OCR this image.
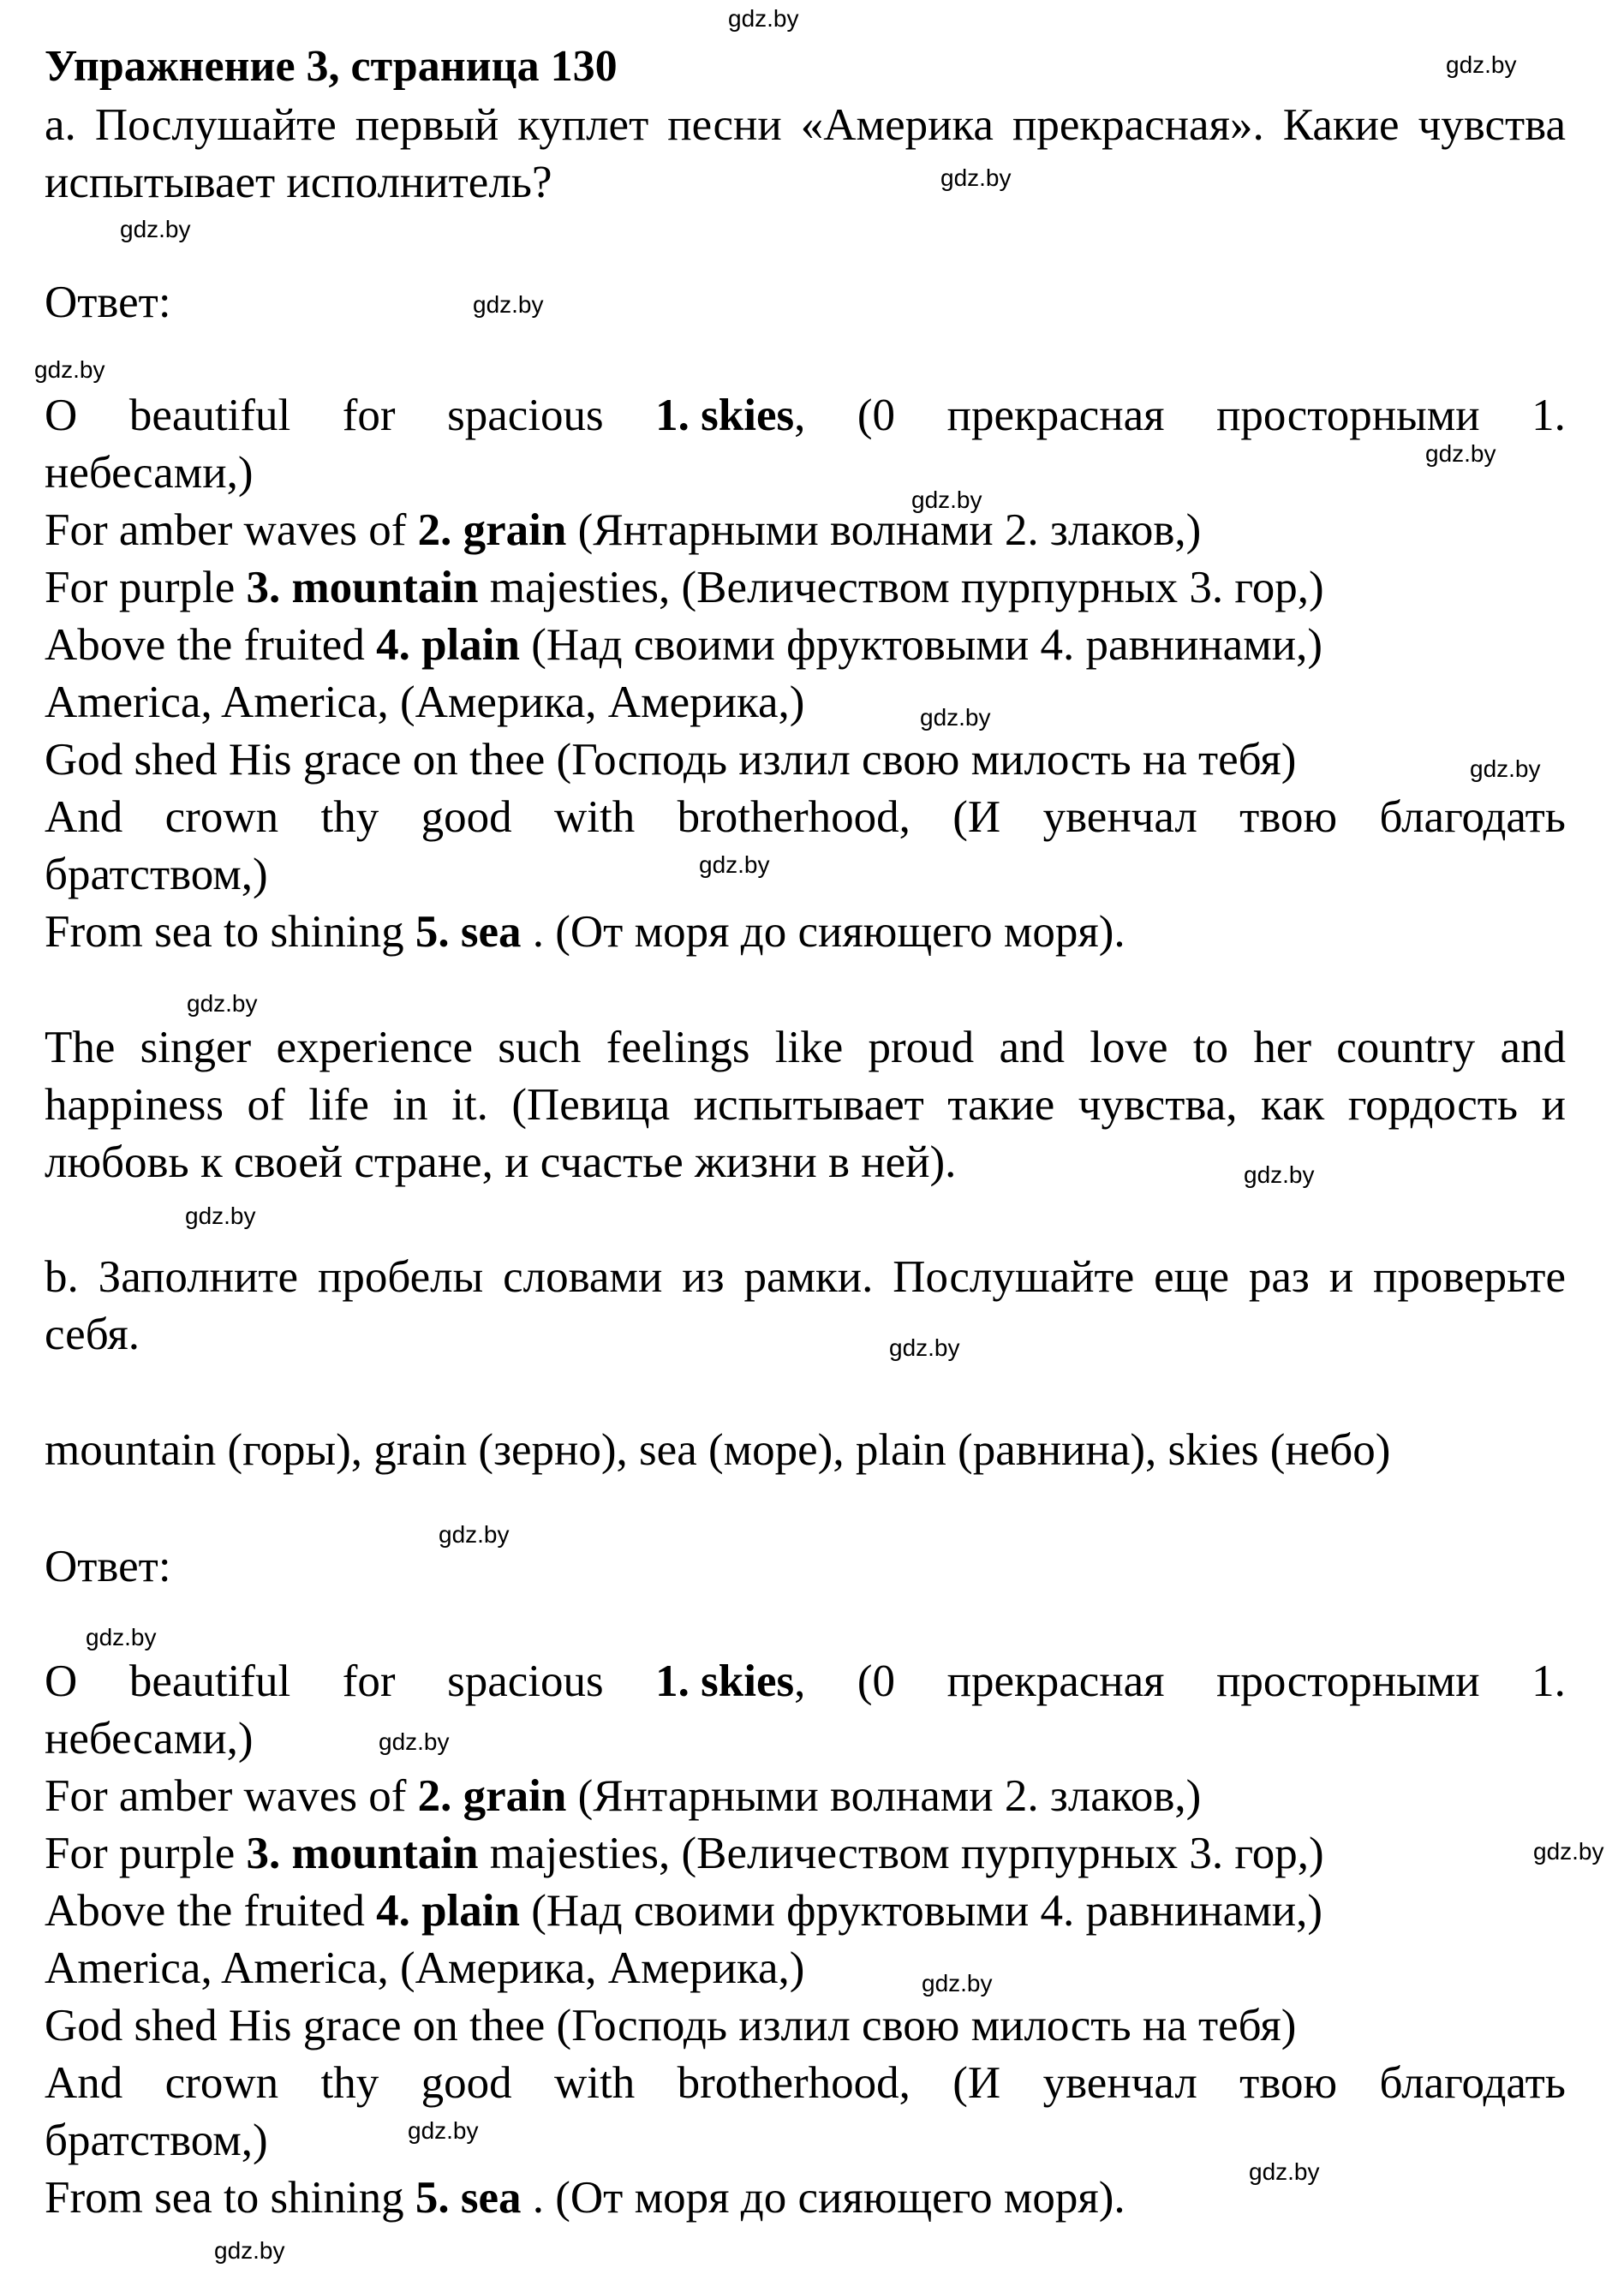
Упражнение 3, страница 130
a. Послушайте первый куплет песни «Америка прекрасная». Какие чувства испытывает исполнитель?
Ответ:
O beautiful for spacious 1. skies, (0 прекрасная просторными 1.
небесами,)
For amber waves of 2. grain (Янтарными волнами 2. злаков,)
For purple 3. mountain majesties, (Величеством пурпурных 3. гор,)
Above the fruited 4. plain (Над своими фруктовыми 4. равнинами,)
America, America, (Америка, Америка,)
God shed His grace on thee (Господь излил свою милость на тебя)
And crown thy good with brotherhood, (И увенчал твою благодать
братством,)
From sea to shining 5. sea . (От моря до сияющего моря).
The singer experience such feelings like proud and love to her country and happiness of life in it. (Певица испытывает такие чувства, как гордость и любовь к своей стране, и счастье жизни в ней).
b. Заполните пробелы словами из рамки. Послушайте еще раз и проверьте себя.
mountain (горы), grain (зерно), sea (море), plain (равнина), skies (небо)
Ответ:
O beautiful for spacious 1. skies, (0 прекрасная просторными 1.
небесами,)
For amber waves of 2. grain (Янтарными волнами 2. злаков,)
For purple 3. mountain majesties, (Величеством пурпурных 3. гор,)
Above the fruited 4. plain (Над своими фруктовыми 4. равнинами,)
America, America, (Америка, Америка,)
God shed His grace on thee (Господь излил свою милость на тебя)
And crown thy good with brotherhood, (И увенчал твою благодать
братством,)
From sea to shining 5. sea . (От моря до сияющего моря).
gdz.by
gdz.by
gdz.by
gdz.by
gdz.by
gdz.by
gdz.by
gdz.by
gdz.by
gdz.by
gdz.by
gdz.by
gdz.by
gdz.by
gdz.by
gdz.by
gdz.by
gdz.by
gdz.by
gdz.by
gdz.by
gdz.by
gdz.by
